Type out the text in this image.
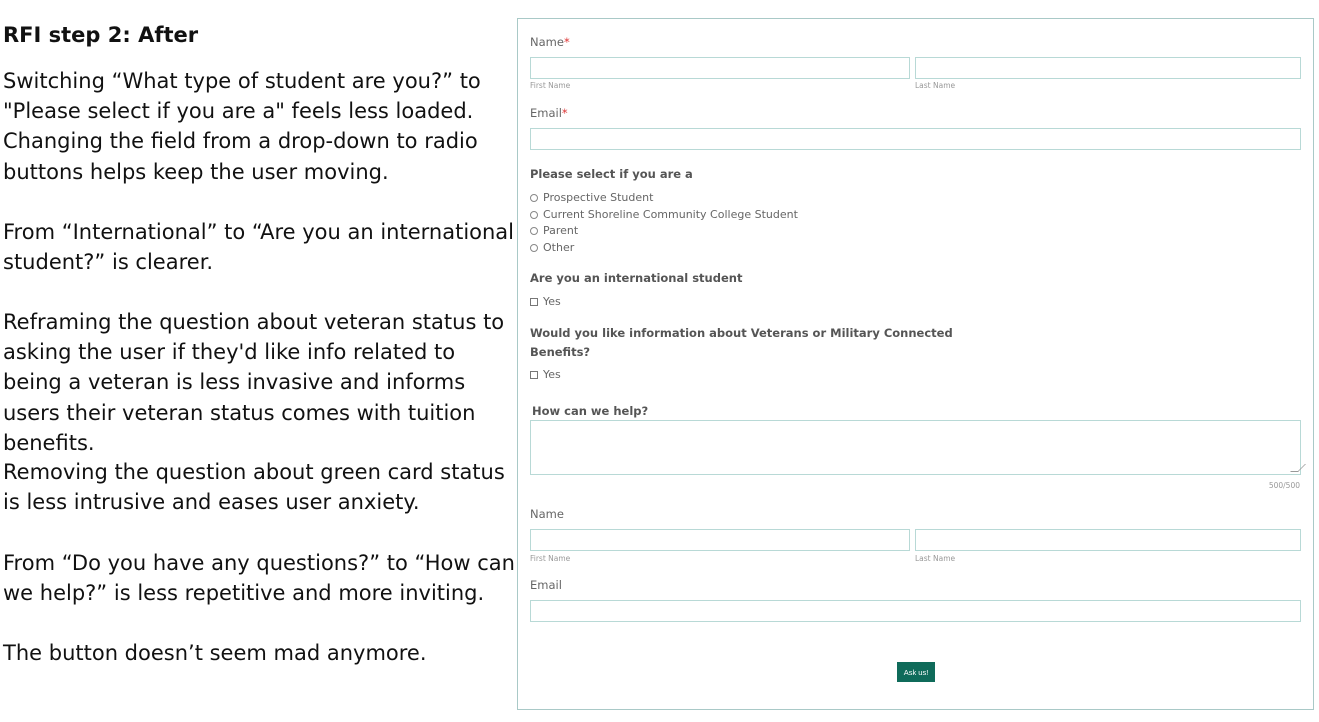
RFI step 2: After

Switching “What type of student are you?” to "Please select if you are a" feels less loaded. Changing the field from a drop-down to radio buttons helps keep the user moving.

From “International” to “Are you an international student?” is clearer.

Reframing the question about veteran status to asking the user if they'd like info related to being a veteran is less invasive and informs users their veteran status comes with tuition benefits.

Removing the question about green card status is less intrusive and eases user anxiety.

From “Do you have any questions?” to “How can we help?” is less repetitive and more inviting.

The button doesn’t seem mad anymore.

Name*
First Name	Last Name
Email*
Please select if you are a
Prospective Student
Current Shoreline Community College Student
Parent
Other
Are you an international student
Yes
Would you like information about Veterans or Military Connected
Benefits?
Yes
How can we help?
500/500
Name
First Name	Last Name
Email
Ask us!
